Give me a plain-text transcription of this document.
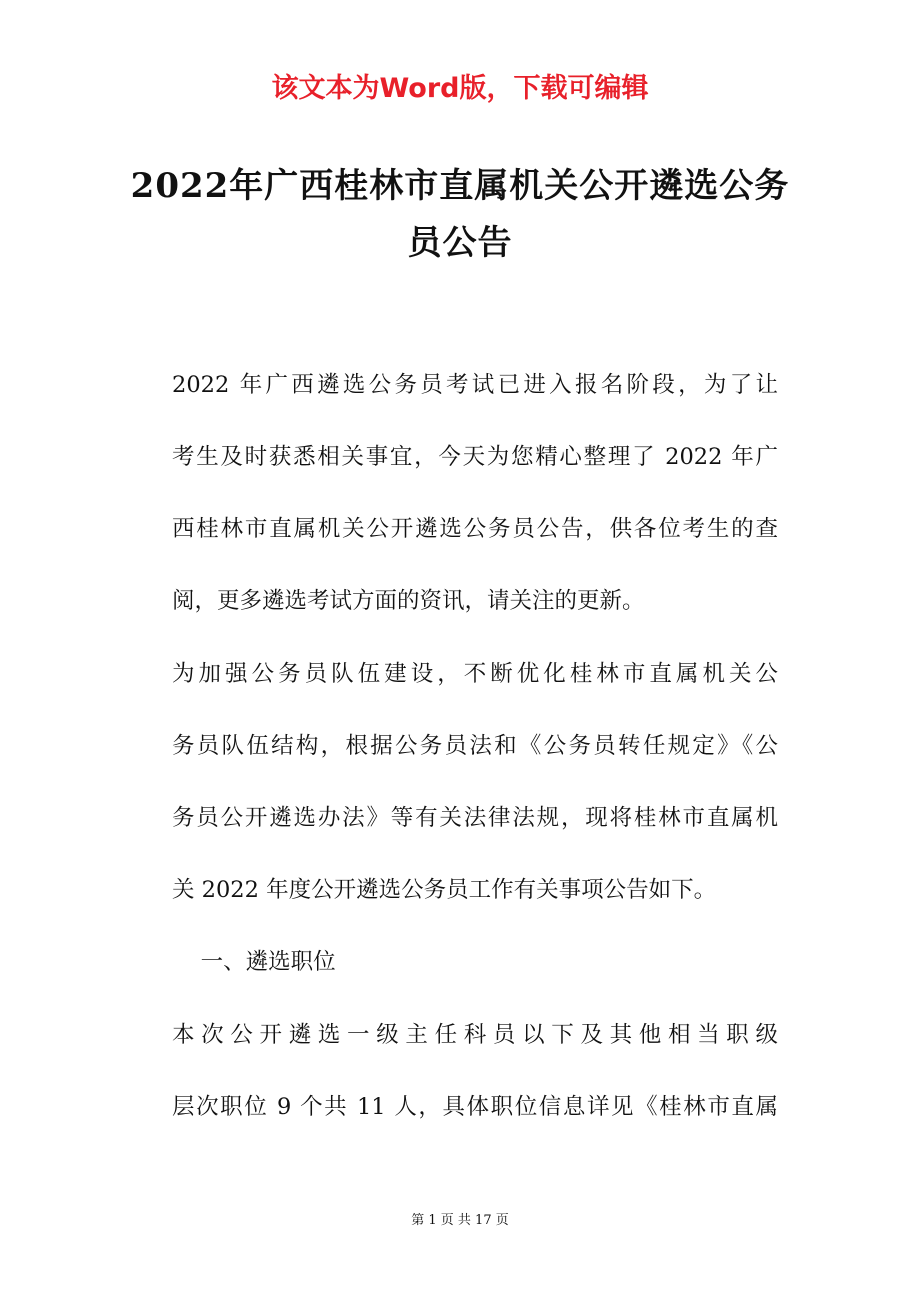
该文本为Word版，下载可编辑
2022年广西桂林市直属机关公开遴选公务
员公告
2022 年广西遴选公务员考试已进入报名阶段，为了让
考生及时获悉相关事宜，今天为您精心整理了 2022 年广
西桂林市直属机关公开遴选公务员公告，供各位考生的查
阅，更多遴选考试方面的资讯，请关注的更新。
为加强公务员队伍建设，不断优化桂林市直属机关公
务员队伍结构，根据公务员法和《公务员转任规定》《公
务员公开遴选办法》等有关法律法规，现将桂林市直属机
关 2022 年度公开遴选公务员工作有关事项公告如下。
一、遴选职位
本次公开遴选一级主任科员以下及其他相当职级
层次职位 9 个共 11 人，具体职位信息详见《桂林市直属
第 1 页 共 17 页
